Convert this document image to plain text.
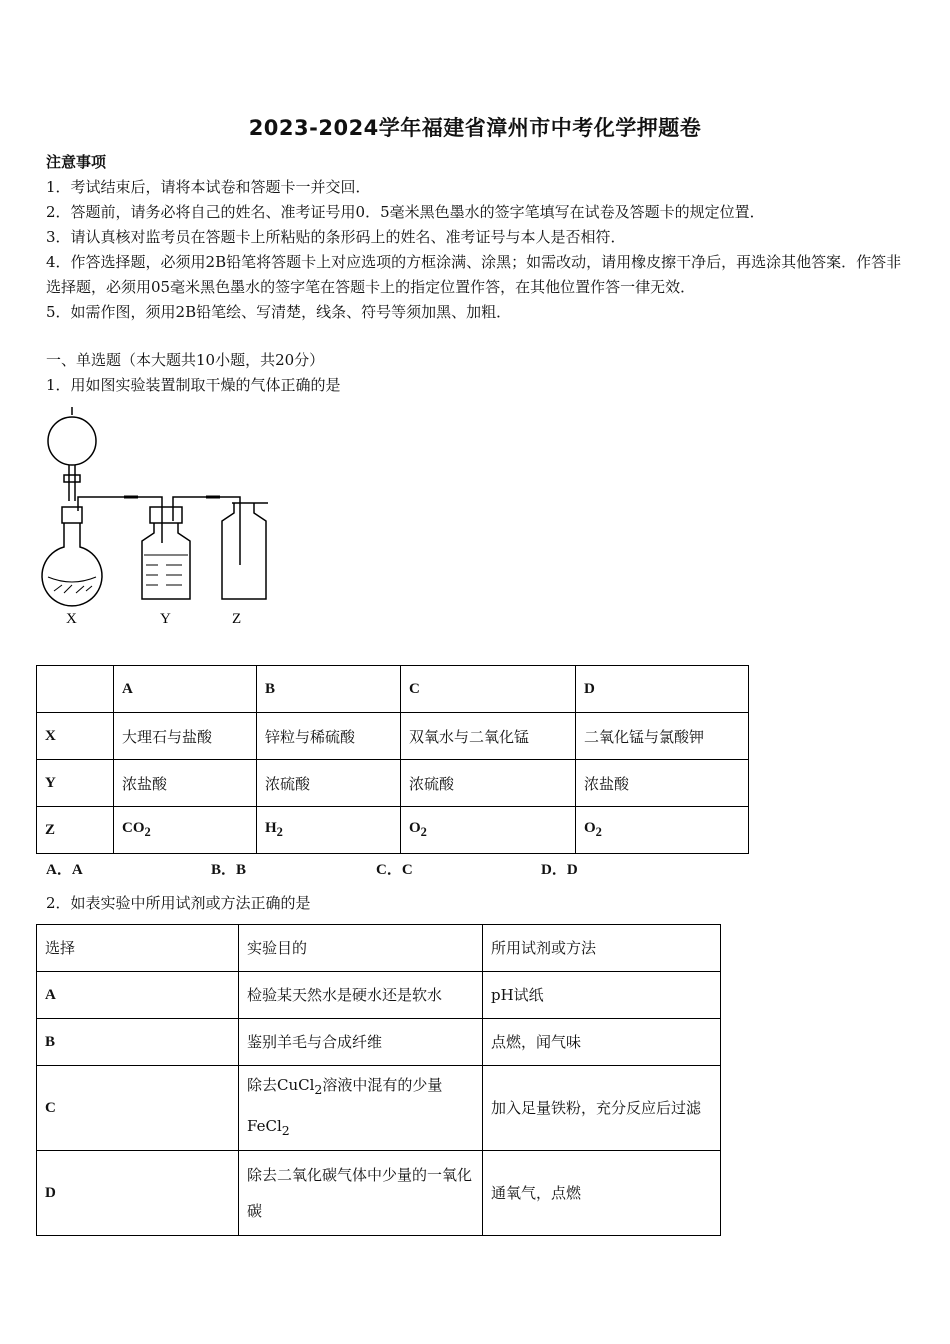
2023-2024学年福建省漳州市中考化学押题卷

注意事项

1．考试结束后，请将本试卷和答题卡一并交回．

2．答题前，请务必将自己的姓名、准考证号用0．5毫米黑色墨水的签字笔填写在试卷及答题卡的规定位置．

3．请认真核对监考员在答题卡上所粘贴的条形码上的姓名、准考证号与本人是否相符．

4．作答选择题，必须用2B铅笔将答题卡上对应选项的方框涂满、涂黑；如需改动，请用橡皮擦干净后，再选涂其他答案．作答非选择题，必须用05毫米黑色墨水的签字笔在答题卡上的指定位置作答，在其他位置作答一律无效．

5．如需作图，须用2B铅笔绘、写清楚，线条、符号等须加黑、加粗．

一、单选题（本大题共10小题，共20分）
1．用如图实验装置制取干燥的气体正确的是
X	Y	Z
	A	B	C	D
X	大理石与盐酸	锌粒与稀硫酸	双氧水与二氧化锰	二氧化锰与氯酸钾
Y	浓盐酸	浓硫酸	浓硫酸	浓盐酸
Z	$CO_2$	$H_2$	$O_2$	$O_2$
A．A	B．B	C．C	D．D
2．如表实验中所用试剂或方法正确的是
选择	实验目的	所用试剂或方法
A	检验某天然水是硬水还是软水	pH试纸
B	鉴别羊毛与合成纤维	点燃，闻气味
C	除去CuCl$_2$溶液中混有的少量FeCl$_2$	加入足量铁粉，充分反应后过滤
D	除去二氧化碳气体中少量的一氧化碳	通氧气，点燃
